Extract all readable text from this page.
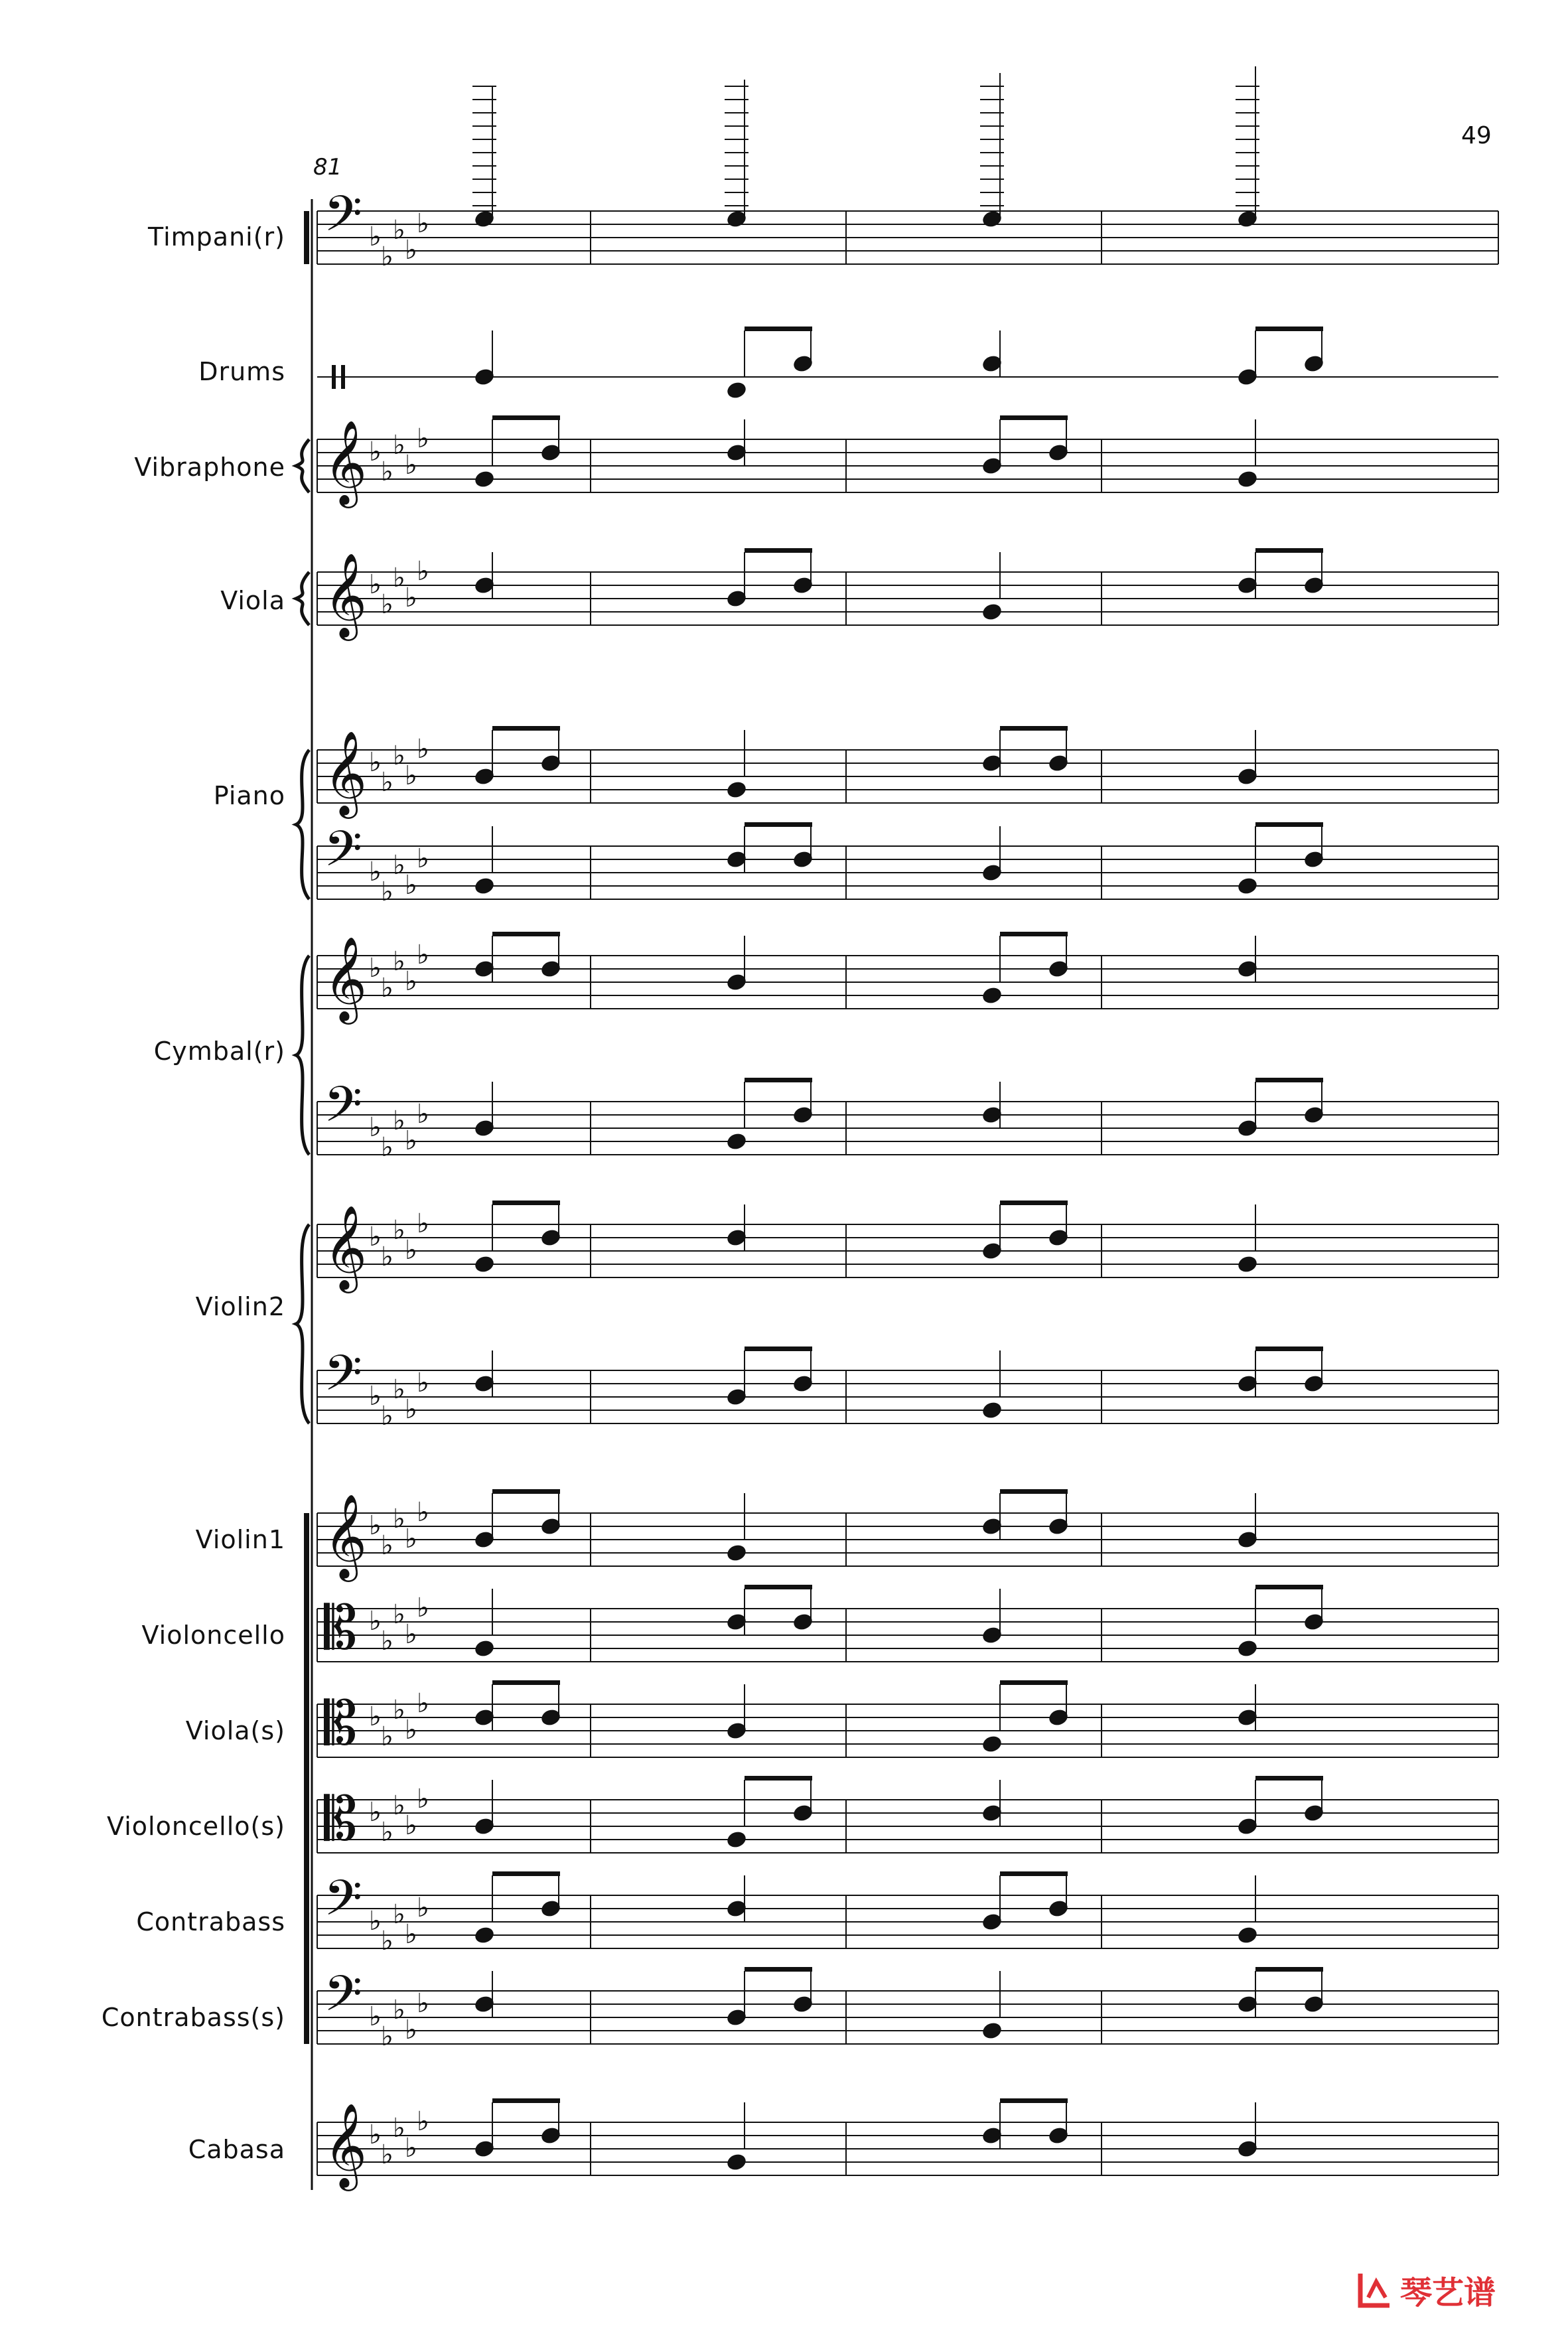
𝄢 ♭
♭
♭
♭
♭
𝄞 ♭
♭
♭
♭
♭
𝄞 ♭
♭
♭
♭
♭
𝄞 ♭
♭
♭
♭
♭
𝄢 ♭
♭
♭
♭
♭
𝄞 ♭
♭
♭
♭
♭
𝄢 ♭
♭
♭
♭
♭
𝄞 ♭
♭
♭
♭
♭
𝄢 ♭
♭
♭
♭
♭
𝄞 ♭
♭
♭
♭
♭
𝄡 ♭
♭
♭
♭
♭
𝄡 ♭
♭
♭
♭
♭
𝄡 ♭
♭
♭
♭
♭
𝄢 ♭
♭
♭
♭
♭
𝄢 ♭
♭
♭
♭
♭
𝄞 ♭
♭
♭
♭
♭
49
81
Timpani(r)
Drums
Vibraphone
Viola
Piano
Cymbal(r)
Violin2
Violin1
Violoncello
Viola(s)
Violoncello(s)
Contrabass
Contrabass(s)
Cabasa
琴艺谱
